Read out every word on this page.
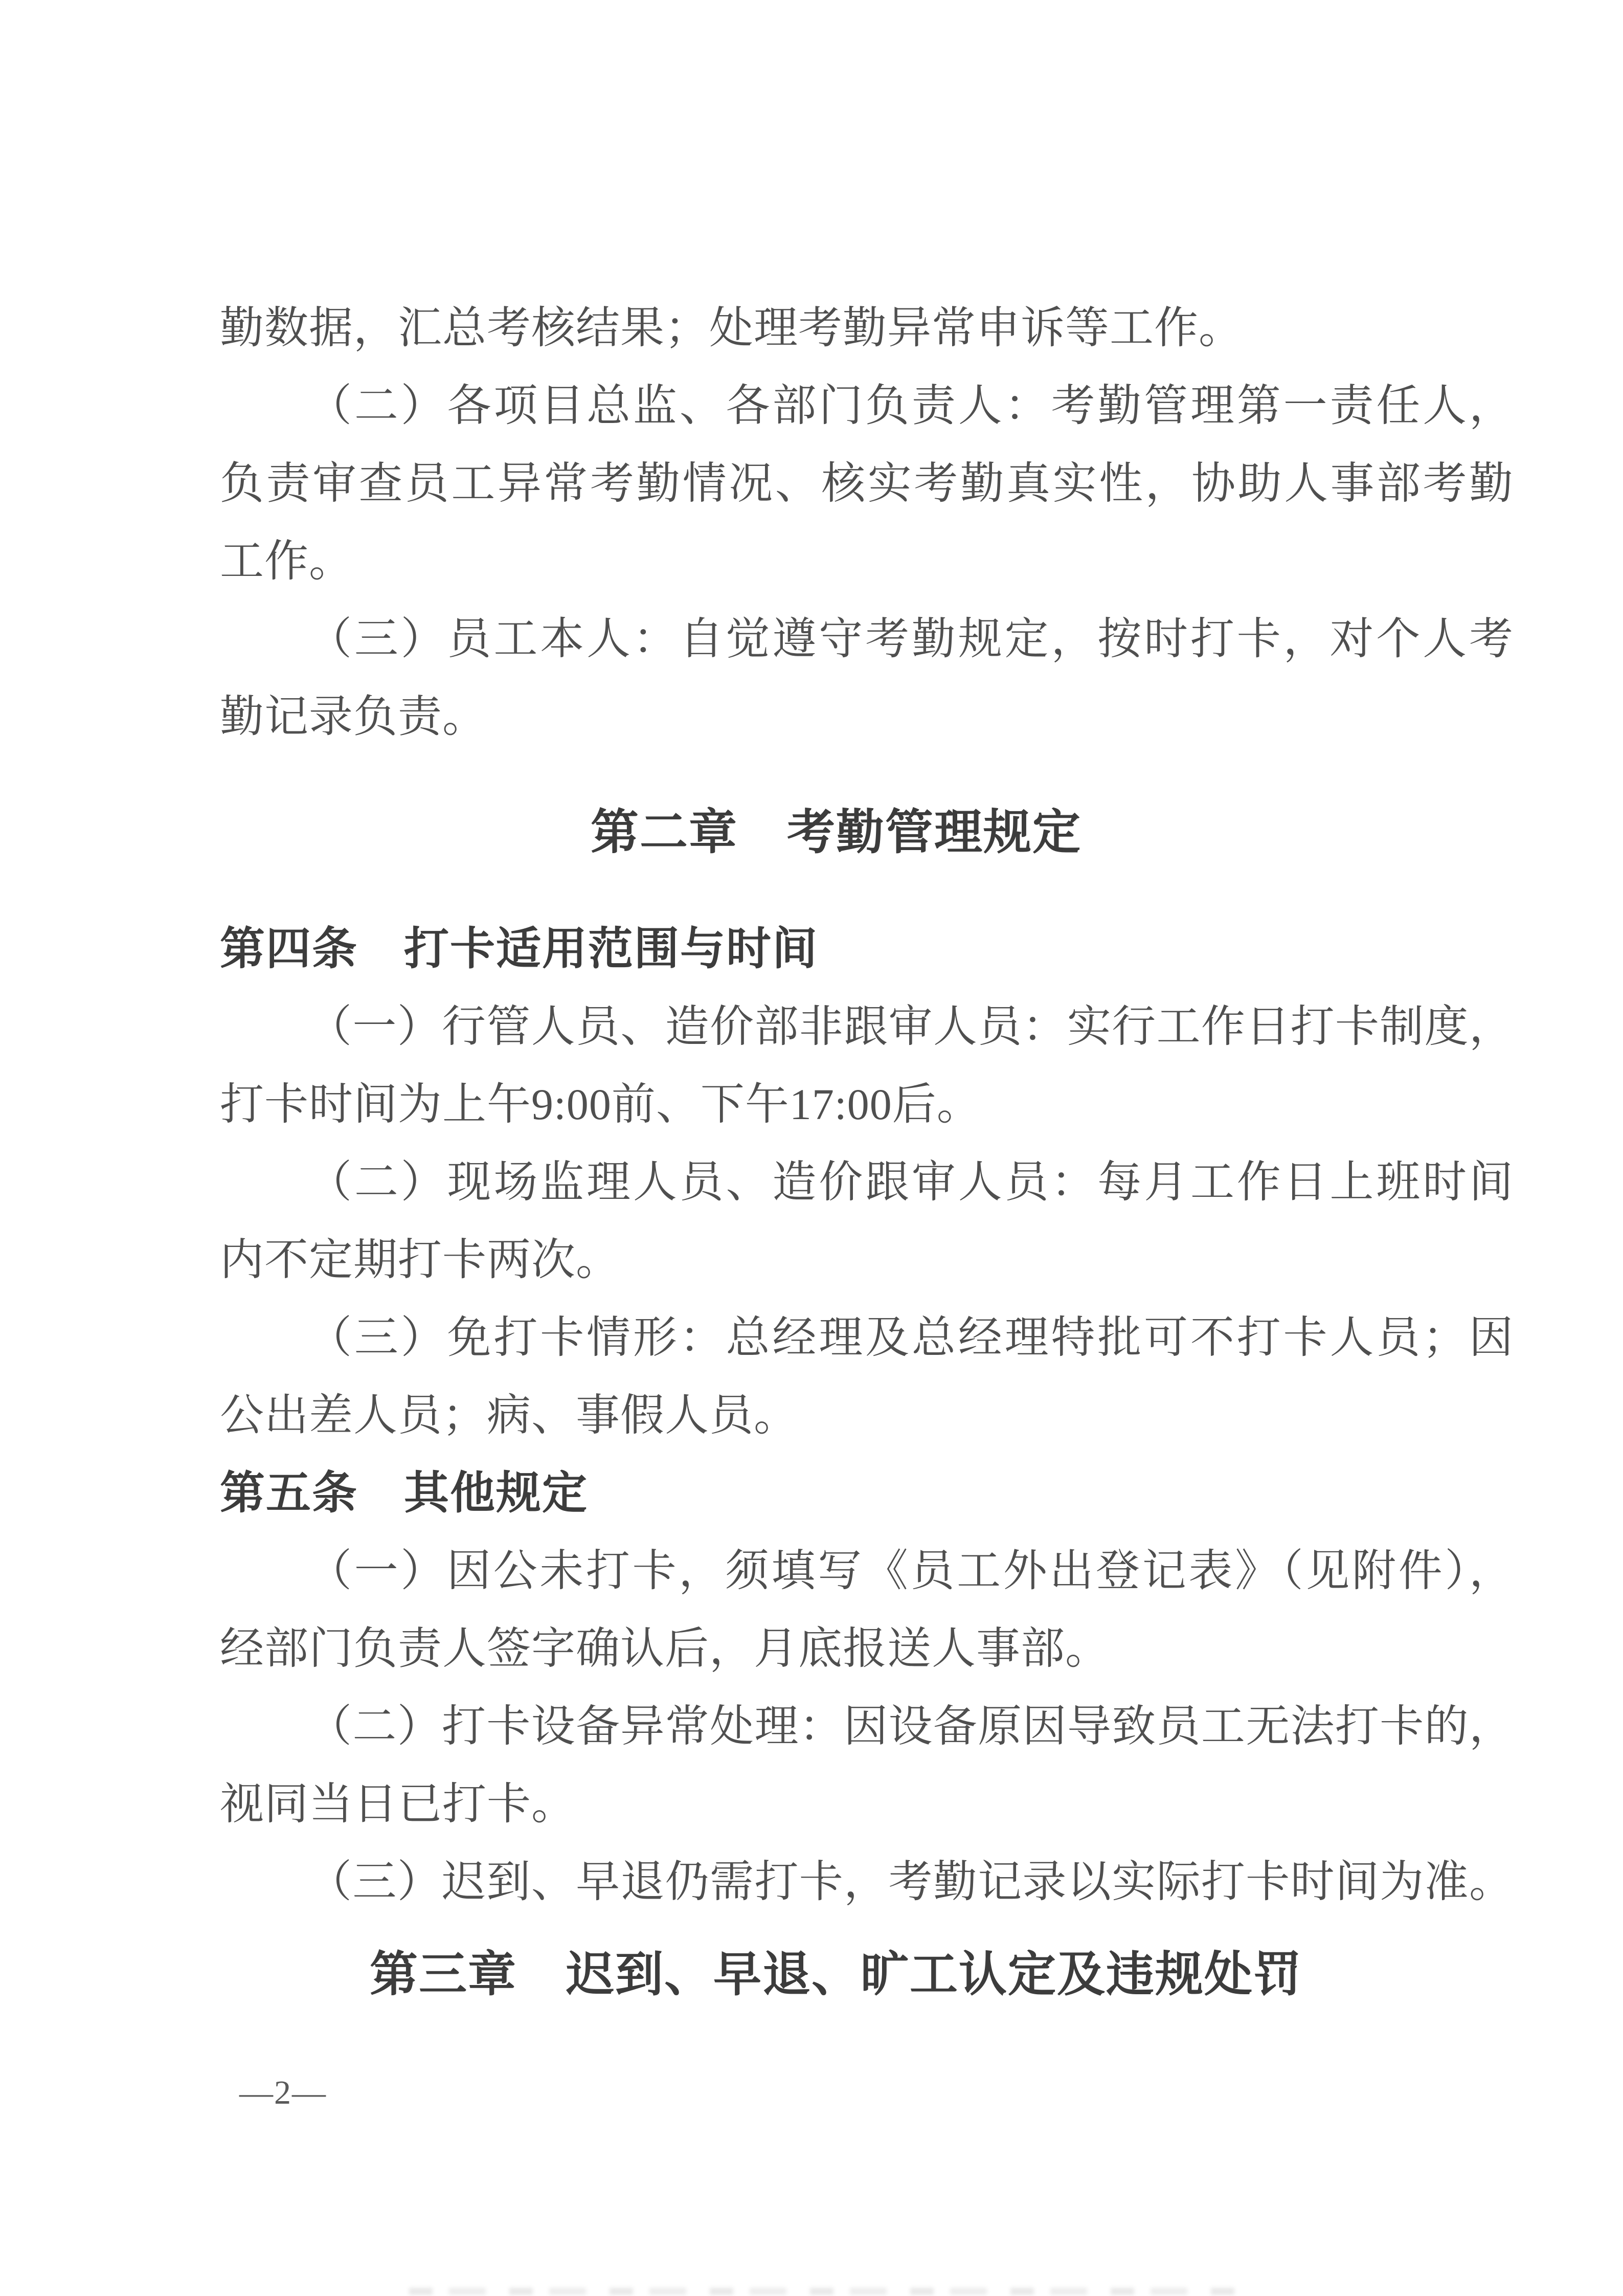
勤数据，汇总考核结果；处理考勤异常申诉等工作。
（二）各项目总监、各部门负责人：考勤管理第一责任人，
负责审查员工异常考勤情况、核实考勤真实性，协助人事部考勤
工作。
（三）员工本人：自觉遵守考勤规定，按时打卡，对个人考
勤记录负责。
第二章　考勤管理规定
第四条　打卡适用范围与时间
（一）行管人员、造价部非跟审人员：实行工作日打卡制度，
打卡时间为上午9:00前、下午17:00后。
（二）现场监理人员、造价跟审人员：每月工作日上班时间
内不定期打卡两次。
（三）免打卡情形：总经理及总经理特批可不打卡人员；因
公出差人员；病、事假人员。
第五条　其他规定
（一）因公未打卡，须填写《员工外出登记表》（见附件），
经部门负责人签字确认后，月底报送人事部。
（二）打卡设备异常处理：因设备原因导致员工无法打卡的，
视同当日已打卡。
（三）迟到、早退仍需打卡，考勤记录以实际打卡时间为准。
第三章　迟到、早退、旷工认定及违规处罚
—2—
